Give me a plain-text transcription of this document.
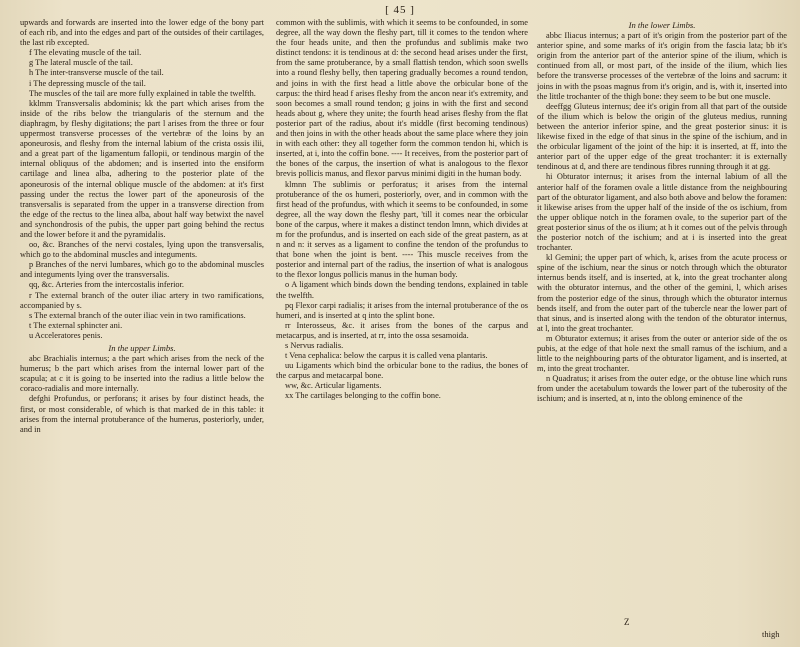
[ 45 ]

upwards and forwards are inserted into the lower edge of the bony part of each rib, and into the edges and part of the outsides of their cartilages, the last rib excepted.

f The elevating muscle of the tail.

g The lateral muscle of the tail.

h The inter-transverse muscle of the tail.

i The depressing muscle of the tail.

The muscles of the tail are more fully explained in table the twelfth.

kklmm Transversalis abdominis; kk the part which arises from the inside of the ribs below the triangularis of the sternum and the diaphragm, by fleshy digitations; the part l arises from the three or four uppermost transverse processes of the vertebræ of the loins by an aponeurosis, and fleshy from the internal labium of the crista ossis ilii, and a great part of the ligamentum fallopii, or tendinous margin of the internal obliquus of the abdomen; and is inserted into the ensiform cartilage and linea alba, adhering to the posterior plate of the aponeurosis of the internal oblique muscle of the abdomen: at it's first passing under the rectus the lower part of the aponeurosis of the transversalis is separated from the upper in a transverse direction from the edge of the rectus to the linea alba, about half way betwixt the navel and synchondrosis of the pubis, the upper part going behind the rectus and the lower before it and the pyramidalis.

oo, &c. Branches of the nervi costales, lying upon the transversalis, which go to the abdominal muscles and integuments.

p Branches of the nervi lumbares, which go to the abdominal muscles and integuments lying over the transversalis.

qq, &c. Arteries from the intercostalis inferior.

r The external branch of the outer iliac artery in two ramifications, accompanied by s.

s The external branch of the outer iliac vein in two ramifications.

t The external sphincter ani.

u Acceleratores penis.

In the upper Limbs.

abc Brachialis internus; a the part which arises from the neck of the humerus; b the part which arises from the internal lower part of the scapula; at c it is going to be inserted into the radius a little below the coraco-radialis and more internally.

defghi Profundus, or perforans; it arises by four distinct heads, the first, or most considerable, of which is that marked de in this table: it arises from the internal protuberance of the humerus, posteriorly, under, and in

common with the sublimis, with which it seems to be confounded, in some degree, all the way down the fleshy part, till it comes to the tendon where the four heads unite, and then the profundus and sublimis make two distinct tendons: it is tendinous at d: the second head arises under the first, from the same protuberance, by a small flattish tendon, which soon swells into a round fleshy belly, then tapering gradually becomes a round tendon, and joins in with the first head a little above the orbicular bone of the carpus: the third head f arises fleshy from the ancon near it's extremity, and soon becomes a small round tendon; g joins in with the first and second heads about g, where they unite; the fourth head arises fleshy from the flat posterior part of the radius, about it's middle (first becoming tendinous) and then joins in with the other heads about the same place where they join in with each other: they all together form the common tendon hi, which is inserted, at i, into the coffin bone. ---- It receives, from the posterior part of the bones of the carpus, the insertion of what is analogous to the flexor brevis pollicis manus, and flexor parvus minimi digiti in the human body.

klmnn The sublimis or perforatus; it arises from the internal protuberance of the os humeri, posteriorly, over, and in common with the first head of the profundus, with which it seems to be confounded, in some degree, all the way down the fleshy part, 'till it comes near the orbicular bone of the carpus, where it makes a distinct tendon lmnn, which divides at m for the profundus, and is inserted on each side of the great pastern, as at n and n: it serves as a ligament to confine the tendon of the profundus to that bone when the joint is bent. ---- This muscle receives from the posterior and internal part of the radius, the insertion of what is analogous to the flexor longus pollicis manus in the human body.

o A ligament which binds down the bending tendons, explained in table the twelfth.

pq Flexor carpi radialis; it arises from the internal protuberance of the os humeri, and is inserted at q into the splint bone.

rr Interosseus, &c. it arises from the bones of the carpus and metacarpus, and is inserted, at rr, into the ossa sesamoida.

s Nervus radialis.

t Vena cephalica: below the carpus it is called vena plantaris.

uu Ligaments which bind the orbicular bone to the radius, the bones of the carpus and metacarpal bone.

ww, &c. Articular ligaments.

xx The cartilages belonging to the coffin bone.

In the lower Limbs.

abbc Iliacus internus; a part of it's origin from the posterior part of the anterior spine, and some marks of it's origin from the fascia lata; bb it's origin from the anterior part of the anterior spine of the ilium, which is continued from all, or most part, of the inside of the ilium, which lies before the transverse processes of the vertebræ of the loins and sacrum: it joins in with the psoas magnus from it's origin, and is, with it, inserted into the little trochanter of the thigh bone: they seem to be but one muscle.

deeffgg Gluteus internus; dee it's origin from all that part of the outside of the ilium which is below the origin of the gluteus medius, running between the anterior inferior spine, and the great posterior sinus: it is likewise fixed in the edge of that sinus in the spine of the ischium, and in the orbicular ligament of the joint of the hip: it is inserted, at ff, into the anterior part of the upper edge of the great trochanter: it is externally tendinous at d, and there are tendinous fibres running through it at gg.

hi Obturator internus; it arises from the internal labium of all the anterior half of the foramen ovale a little distance from the neighbouring part of the obturator ligament, and also both above and below the foramen: it likewise arises from the upper half of the inside of the os ischium, from the upper oblique notch in the foramen ovale, to the superior part of the great posterior sinus of the os ilium; at h it comes out of the pelvis through the posterior notch of the ischium; and at i is inserted into the great trochanter.

kl Gemini; the upper part of which, k, arises from the acute process or spine of the ischium, near the sinus or notch through which the obturator internus bends itself, and is inserted, at k, into the great trochanter along with the obturator internus, and the other of the gemini, l, which arises from the posterior edge of the sinus, through which the obturator internus bends itself, and from the outer part of the tubercle near the lower part of that sinus, and is inserted along with the tendon of the obturator internus, at l, into the great trochanter.

m Obturator externus; it arises from the outer or anterior side of the os pubis, at the edge of that hole next the small ramus of the ischium, and a little to the neighbouring parts of the obturator ligament, and is inserted, at m, into the great trochanter.

n Quadratus; it arises from the outer edge, or the obtuse line which runs from under the acetabulum towards the lower part of the tuberosity of the ischium; and is inserted, at n, into the oblong eminence of the

Z
thigh
